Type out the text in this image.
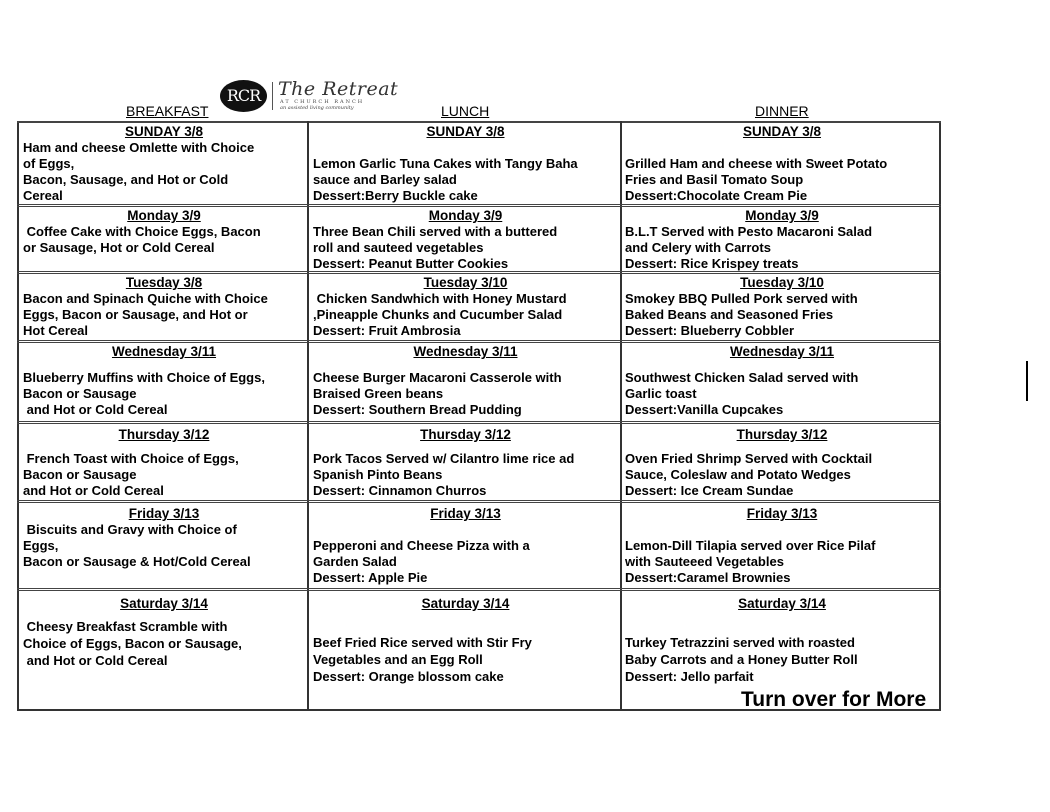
RCR The Retreat
AT CHURCH RANCH
an assisted living community
BREAKFAST	LUNCH	DINNER
SUNDAY 3/8
Ham and cheese Omlette with Choice
of Eggs,
Bacon, Sausage, and Hot or Cold
Cereal
SUNDAY 3/8

Lemon Garlic Tuna Cakes with Tangy Baha
sauce and Barley salad
Dessert:Berry Buckle cake
SUNDAY 3/8

Grilled Ham and cheese with Sweet Potato
Fries and Basil Tomato Soup
Dessert:Chocolate Cream Pie
Monday 3/9
Coffee Cake with Choice Eggs, Bacon
or Sausage, Hot or Cold Cereal
Monday 3/9
Three Bean Chili served with a buttered
roll and sauteed vegetables
Dessert: Peanut Butter Cookies
Monday 3/9
B.L.T Served with Pesto Macaroni Salad
and Celery with Carrots
Dessert: Rice Krispey treats
Tuesday 3/8
Bacon and Spinach Quiche with Choice
Eggs, Bacon or Sausage, and Hot or
Hot Cereal
Tuesday 3/10
Chicken Sandwhich with Honey Mustard
,Pineapple Chunks and Cucumber Salad
Dessert: Fruit Ambrosia
Tuesday 3/10
Smokey BBQ Pulled Pork served with
Baked Beans and Seasoned Fries
Dessert: Blueberry Cobbler
Wednesday 3/11
Blueberry Muffins with Choice of Eggs,
Bacon or Sausage
and Hot or Cold Cereal
Wednesday 3/11
Cheese Burger Macaroni Casserole with
Braised Green beans
Dessert: Southern Bread Pudding
Wednesday 3/11
Southwest Chicken Salad served with
Garlic toast
Dessert:Vanilla Cupcakes
Thursday 3/12
French Toast with Choice of Eggs,
Bacon or Sausage
and Hot or Cold Cereal
Thursday 3/12
Pork Tacos Served w/ Cilantro lime rice ad
Spanish Pinto Beans
Dessert: Cinnamon Churros
Thursday 3/12
Oven Fried Shrimp Served with Cocktail
Sauce, Coleslaw and Potato Wedges
Dessert: Ice Cream Sundae
Friday 3/13
Biscuits and Gravy with Choice of
Eggs,
Bacon or Sausage & Hot/Cold Cereal
Friday 3/13
Pepperoni and Cheese Pizza with a
Garden Salad
Dessert: Apple Pie
Friday 3/13
Lemon-Dill Tilapia served over Rice Pilaf
with Sauteeed Vegetables
Dessert:Caramel Brownies
Saturday 3/14
Cheesy Breakfast Scramble with
Choice of Eggs, Bacon or Sausage,
and Hot or Cold Cereal
Saturday 3/14
Beef Fried Rice served with Stir Fry
Vegetables and an Egg Roll
Dessert: Orange blossom cake
Saturday 3/14
Turkey Tetrazzini served with roasted
Baby Carrots and a Honey Butter Roll
Dessert: Jello parfait
Turn over for More
